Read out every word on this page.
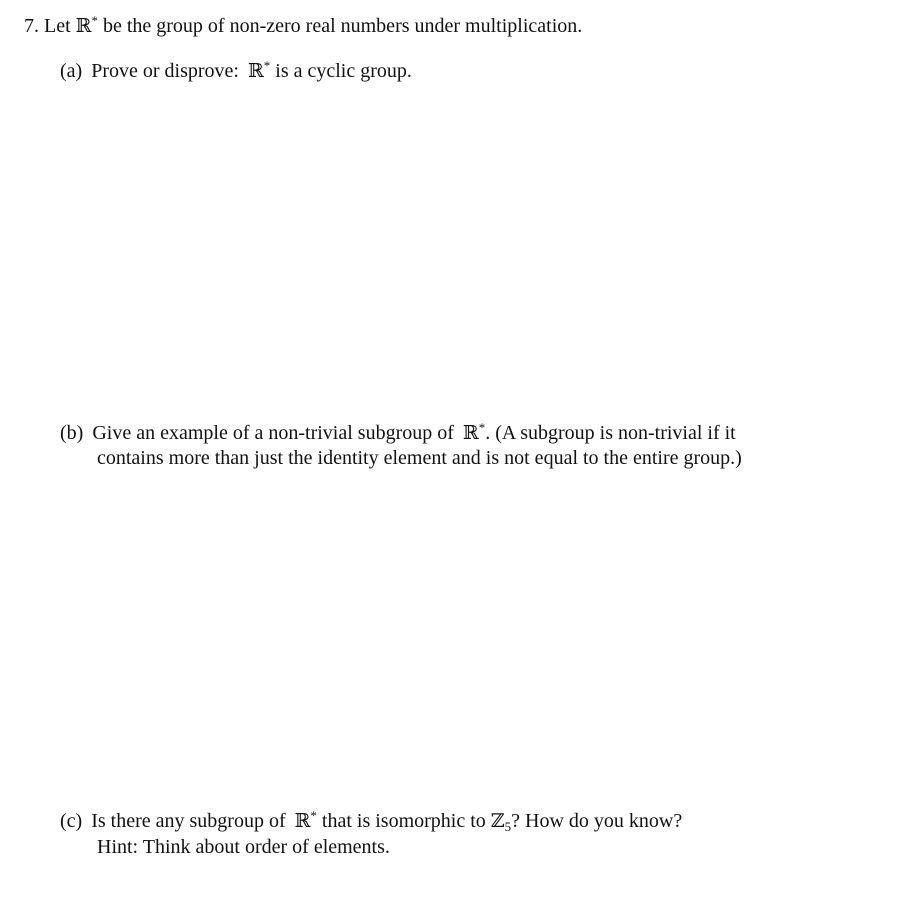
7. Let ℝ* be the group of non-zero real numbers under multiplication.
(a) Prove or disprove: ℝ* is a cyclic group.
(b) Give an example of a non-trivial subgroup of ℝ*. (A subgroup is non-trivial if it
contains more than just the identity element and is not equal to the entire group.)
(c) Is there any subgroup of ℝ* that is isomorphic to ℤ$_5$? How do you know?
Hint: Think about order of elements.
